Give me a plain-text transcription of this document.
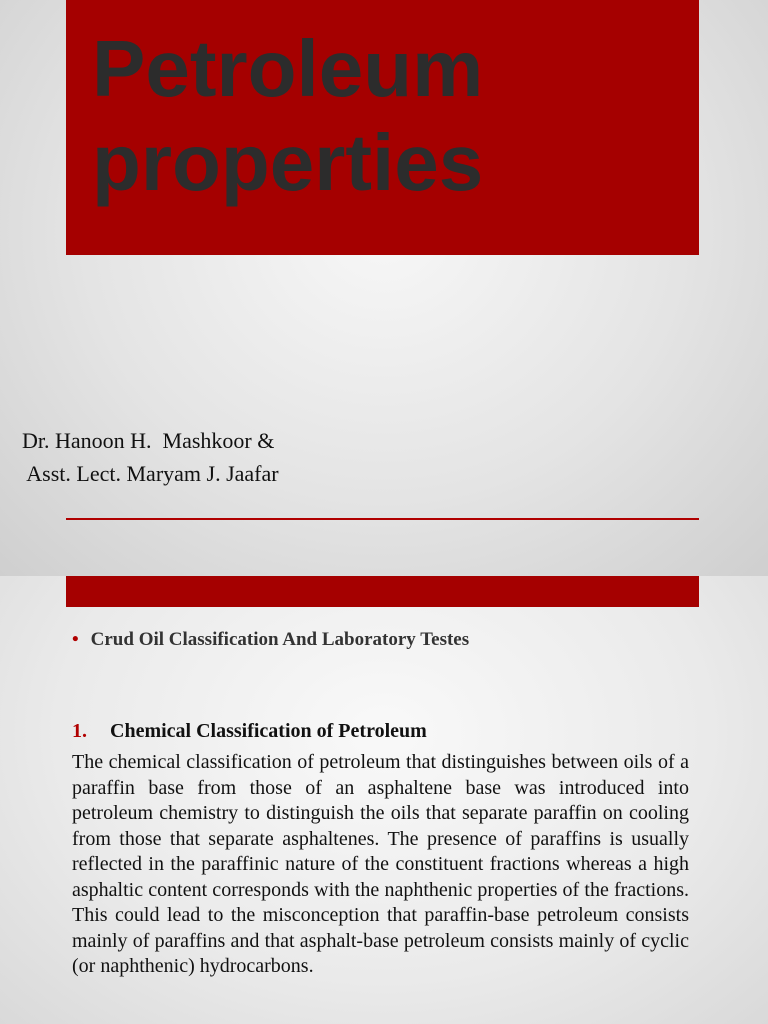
Petroleum properties
Dr. Hanoon H.  Mashkoor &
Asst. Lect. Maryam J. Jaafar
• Crud Oil Classification And Laboratory Testes
1. Chemical Classification of Petroleum

The chemical classification of petroleum that distinguishes between oils of a paraffin base from those of an asphaltene base was introduced into petroleum chemistry to distinguish the oils that separate paraffin on cooling from those that separate asphaltenes. The presence of paraffins is usually reflected in the paraffinic nature of the constituent fractions whereas a high asphaltic content corresponds with the naphthenic properties of the fractions. This could lead to the misconception that paraffin-base petroleum consists mainly of paraffins and that asphalt-base petroleum consists mainly of cyclic (or naphthenic) hydrocarbons.
